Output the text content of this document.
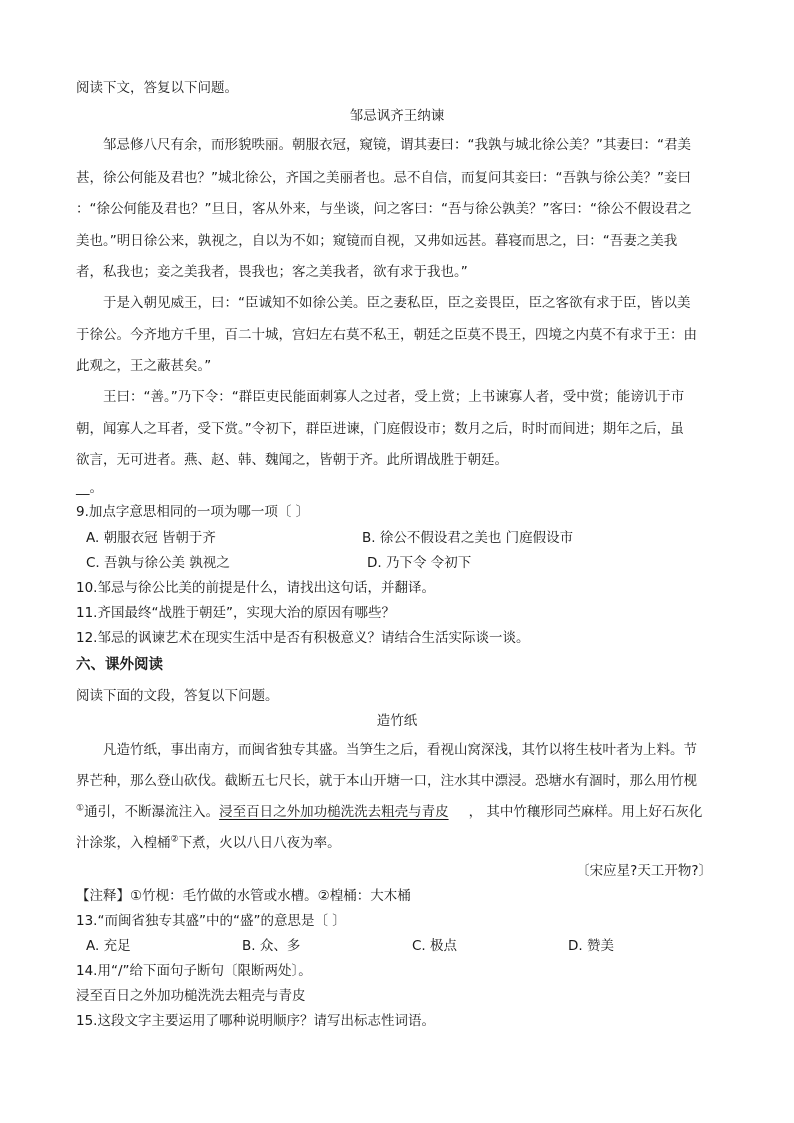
阅读下文，答复以下问题。
邹忌讽齐王纳谏
邹忌修八尺有余，而形貌昳丽。朝服衣冠，窥镜，谓其妻曰：“我孰与城北徐公美？”其妻曰：“君美
甚，徐公何能及君也？”城北徐公，齐国之美丽者也。忌不自信，而复问其妾曰：“吾孰与徐公美？”妾曰
：“徐公何能及君也？”旦日，客从外来，与坐谈，问之客曰：“吾与徐公孰美？”客曰：“徐公不假设君之
美也。”明日徐公来，孰视之，自以为不如；窥镜而自视，又弗如远甚。暮寝而思之，曰：“吾妻之美我
者，私我也；妾之美我者，畏我也；客之美我者，欲有求于我也。”
于是入朝见威王，曰：“臣诚知不如徐公美。臣之妻私臣，臣之妾畏臣，臣之客欲有求于臣，皆以美
于徐公。今齐地方千里，百二十城，宫妇左右莫不私王，朝廷之臣莫不畏王，四境之内莫不有求于王：由
此观之，王之蔽甚矣。”
王曰：“善。”乃下令：“群臣吏民能面刺寡人之过者，受上赏；上书谏寡人者，受中赏；能谤讥于市
朝，闻寡人之耳者，受下赏。”令初下，群臣进谏，门庭假设市；数月之后，时时而间进；期年之后，虽
欲言，无可进者。燕、赵、韩、魏闻之，皆朝于齐。此所谓战胜于朝廷。
__。
9.加点字意思相同的一项为哪一项〔 〕
A. 朝服衣冠 皆朝于齐	B. 徐公不假设君之美也 门庭假设市
C. 吾孰与徐公美 孰视之	D. 乃下令 令初下
10.邹忌与徐公比美的前提是什么，请找出这句话，并翻译。
11.齐国最终“战胜于朝廷”，实现大治的原因有哪些？
12.邹忌的讽谏艺术在现实生活中是否有积极意义？请结合生活实际谈一谈。
六、课外阅读
阅读下面的文段，答复以下问题。
造竹纸
凡造竹纸，事出南方，而闽省独专其盛。当笋生之后，看视山窝深浅，其竹以将生枝叶者为上料。节
界芒种，那么登山砍伐。截断五七尺长，就于本山开塘一口，注水其中漂浸。恐塘水有涸时，那么用竹枧
①通引，不断瀑流注入。浸至百日之外加功槌洗洗去粗壳与青皮 ， 其中竹穰形同苎麻样。用上好石灰化
汁涂浆，入楻桶②下煮，火以八日八夜为率。
〔宋应星?天工开物?〕
【注释】①竹枧：毛竹做的水管或水槽。②楻桶：大木桶
13.“而闽省独专其盛”中的“盛”的意思是〔 〕
A. 充足	B. 众、多	C. 极点	D. 赞美
14.用“/”给下面句子断句〔限断两处〕。
浸至百日之外加功槌洗洗去粗壳与青皮
15.这段文字主要运用了哪种说明顺序？请写出标志性词语。
